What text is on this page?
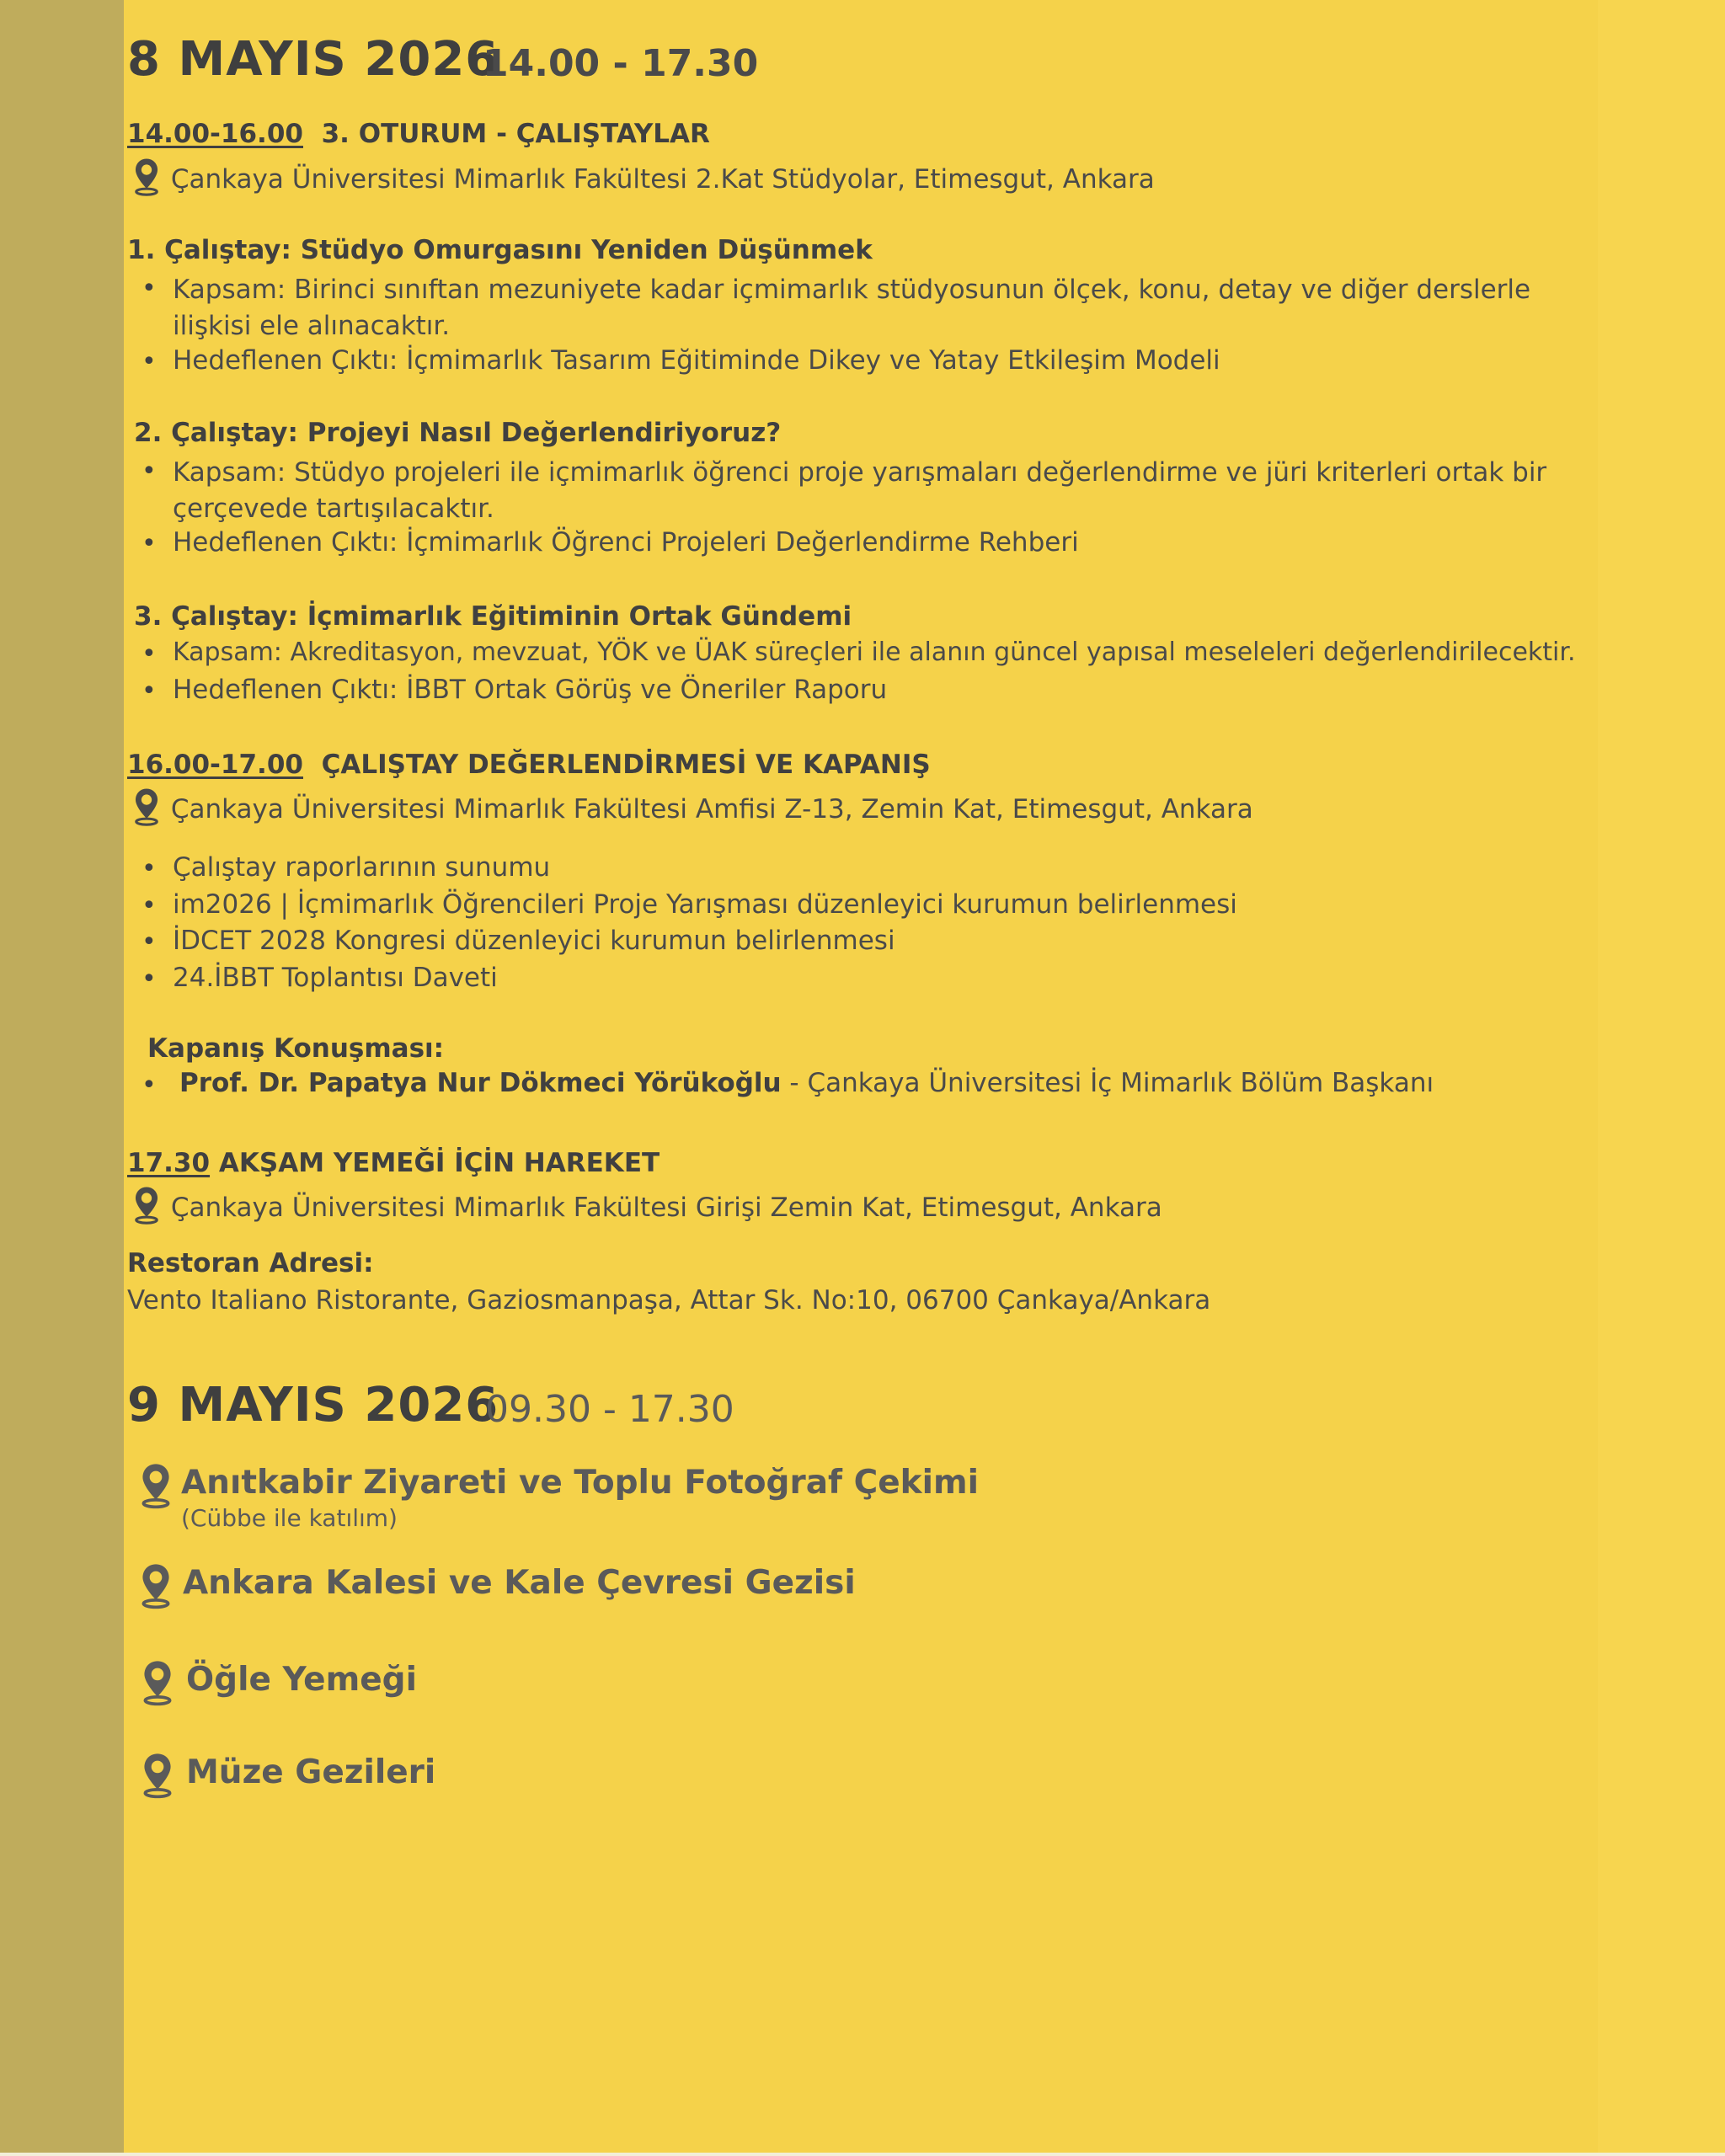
8 MAYIS 2026
14.00 - 17.30
14.00-16.00 3. OTURUM - ÇALIŞTAYLAR
Çankaya Üniversitesi Mimarlık Fakültesi 2.Kat Stüdyolar, Etimesgut, Ankara
1. Çalıştay: Stüdyo Omurgasını Yeniden Düşünmek
• Kapsam: Birinci sınıftan mezuniyete kadar içmimarlık stüdyosunun ölçek, konu, detay ve diğer derslerle ilişkisi ele alınacaktır.
• Hedeflenen Çıktı: İçmimarlık Tasarım Eğitiminde Dikey ve Yatay Etkileşim Modeli
2. Çalıştay: Projeyi Nasıl Değerlendiriyoruz?
• Kapsam: Stüdyo projeleri ile içmimarlık öğrenci proje yarışmaları değerlendirme ve jüri kriterleri ortak bir çerçevede tartışılacaktır.
• Hedeflenen Çıktı: İçmimarlık Öğrenci Projeleri Değerlendirme Rehberi
3. Çalıştay: İçmimarlık Eğitiminin Ortak Gündemi
• Kapsam: Akreditasyon, mevzuat, YÖK ve ÜAK süreçleri ile alanın güncel yapısal meseleleri değerlendirilecektir.
• Hedeflenen Çıktı: İBBT Ortak Görüş ve Öneriler Raporu
16.00-17.00 ÇALIŞTAY DEĞERLENDİRMESİ VE KAPANIŞ
Çankaya Üniversitesi Mimarlık Fakültesi Amfisi Z-13, Zemin Kat, Etimesgut, Ankara
• Çalıştay raporlarının sunumu
• im2026 | İçmimarlık Öğrencileri Proje Yarışması düzenleyici kurumun belirlenmesi
• İDCET 2028 Kongresi düzenleyici kurumun belirlenmesi
• 24.İBBT Toplantısı Daveti
Kapanış Konuşması:
• Prof. Dr. Papatya Nur Dökmeci Yörükoğlu - Çankaya Üniversitesi İç Mimarlık Bölüm Başkanı
17.30 AKŞAM YEMEĞİ İÇİN HAREKET
Çankaya Üniversitesi Mimarlık Fakültesi Girişi Zemin Kat, Etimesgut, Ankara
Restoran Adresi:
Vento Italiano Ristorante, Gaziosmanpaşa, Attar Sk. No:10, 06700 Çankaya/Ankara
9 MAYIS 2026
09.30 - 17.30
Anıtkabir Ziyareti ve Toplu Fotoğraf Çekimi
(Cübbe ile katılım)
Ankara Kalesi ve Kale Çevresi Gezisi
Öğle Yemeği
Müze Gezileri
